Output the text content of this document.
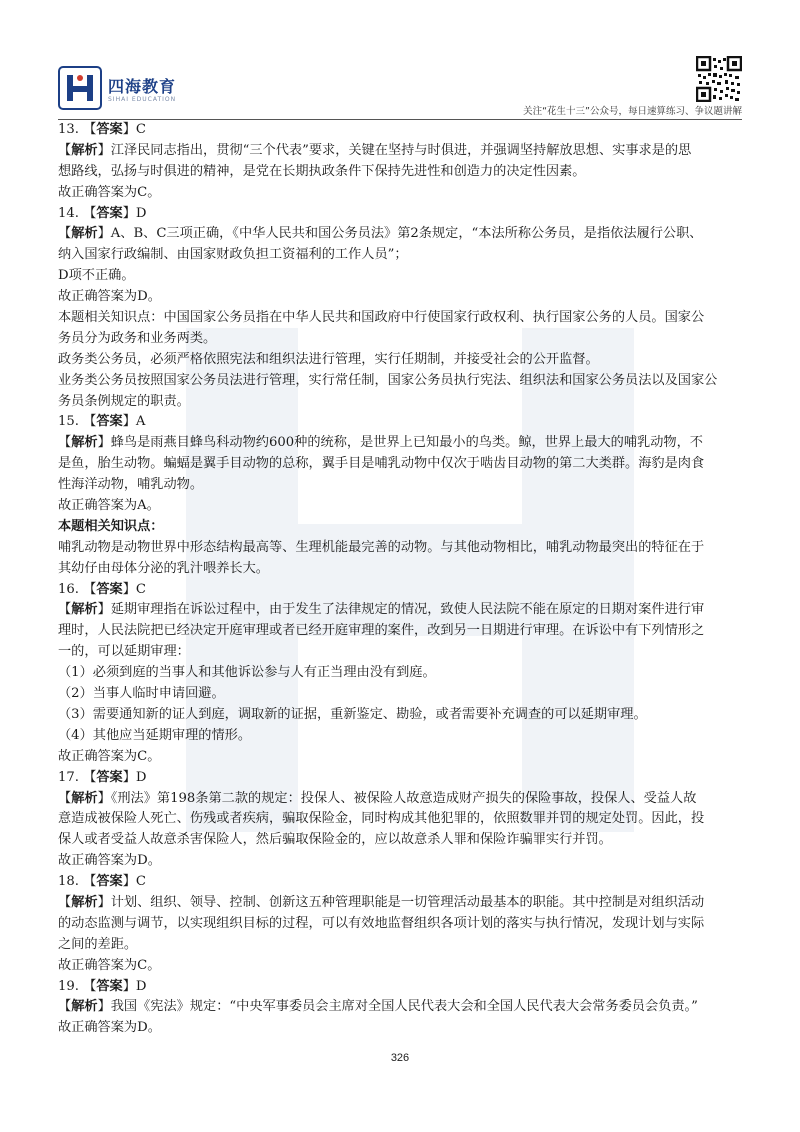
四海教育
SIHAI EDUCATION
关注“花生十三”公众号，每日速算练习、争议题讲解
13. 【答案】C
【解析】江泽民同志指出，贯彻“三个代表”要求，关键在坚持与时俱进，并强调坚持解放思想、实事求是的思
想路线，弘扬与时俱进的精神，是党在长期执政条件下保持先进性和创造力的决定性因素。
故正确答案为C。
14. 【答案】D
【解析】A、B、C三项正确，《中华人民共和国公务员法》第2条规定，“本法所称公务员，是指依法履行公职、
纳入国家行政编制、由国家财政负担工资福利的工作人员”；
D项不正确。
故正确答案为D。
本题相关知识点：中国国家公务员指在中华人民共和国政府中行使国家行政权利、执行国家公务的人员。国家公
务员分为政务和业务两类。
政务类公务员，必须严格依照宪法和组织法进行管理，实行任期制，并接受社会的公开监督。
业务类公务员按照国家公务员法进行管理，实行常任制，国家公务员执行宪法、组织法和国家公务员法以及国家公
务员条例规定的职责。
15. 【答案】A
【解析】蜂鸟是雨燕目蜂鸟科动物约600种的统称，是世界上已知最小的鸟类。鲸，世界上最大的哺乳动物，不
是鱼，胎生动物。蝙蝠是翼手目动物的总称，翼手目是哺乳动物中仅次于啮齿目动物的第二大类群。海豹是肉食
性海洋动物，哺乳动物。
故正确答案为A。
本题相关知识点：
哺乳动物是动物世界中形态结构最高等、生理机能最完善的动物。与其他动物相比，哺乳动物最突出的特征在于
其幼仔由母体分泌的乳汁喂养长大。
16. 【答案】C
【解析】延期审理指在诉讼过程中，由于发生了法律规定的情况，致使人民法院不能在原定的日期对案件进行审
理时，人民法院把已经决定开庭审理或者已经开庭审理的案件，改到另一日期进行审理。在诉讼中有下列情形之
一的，可以延期审理：
（1）必须到庭的当事人和其他诉讼参与人有正当理由没有到庭。
（2）当事人临时申请回避。
（3）需要通知新的证人到庭，调取新的证据，重新鉴定、勘验，或者需要补充调查的可以延期审理。
（4）其他应当延期审理的情形。
故正确答案为C。
17. 【答案】D
【解析】《刑法》第198条第二款的规定：投保人、被保险人故意造成财产损失的保险事故，投保人、受益人故
意造成被保险人死亡、伤残或者疾病，骗取保险金，同时构成其他犯罪的，依照数罪并罚的规定处罚。因此，投
保人或者受益人故意杀害保险人，然后骗取保险金的，应以故意杀人罪和保险诈骗罪实行并罚。
故正确答案为D。
18. 【答案】C
【解析】计划、组织、领导、控制、创新这五种管理职能是一切管理活动最基本的职能。其中控制是对组织活动
的动态监测与调节，以实现组织目标的过程，可以有效地监督组织各项计划的落实与执行情况，发现计划与实际
之间的差距。
故正确答案为C。
19. 【答案】D
【解析】我国《宪法》规定：“中央军事委员会主席对全国人民代表大会和全国人民代表大会常务委员会负责。”
故正确答案为D。
326
